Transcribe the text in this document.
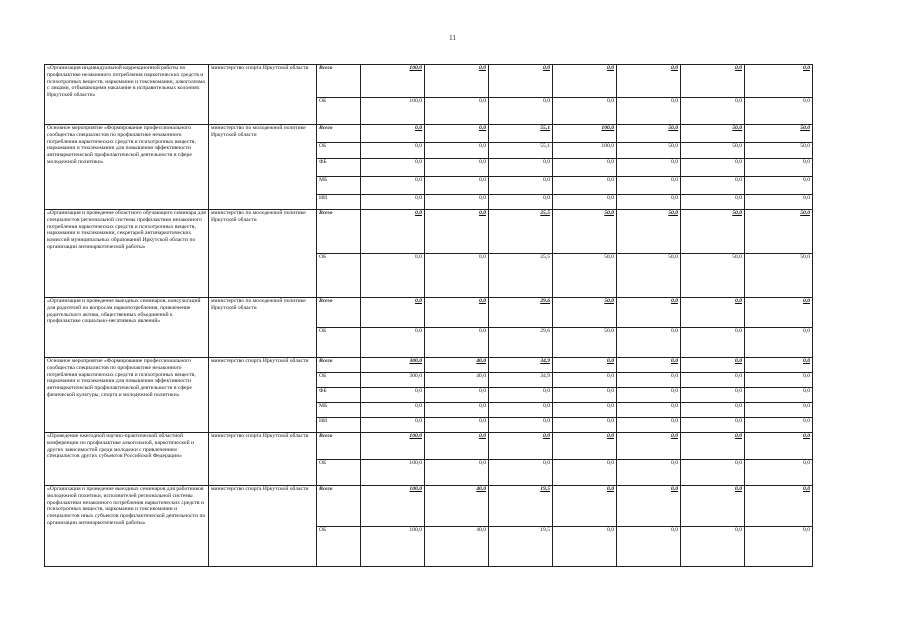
11
«Организация индивидуальной коррекционной работы по профилактике незаконного потребления наркотических средств и психотропных веществ, наркомании и токсикомании, алкоголизма с лицами, отбывающими наказание в исправительных колониях Иркутской области»	министерство спорта Иркутской области	Всего	100,0	0,0	0,0	0,0	0,0	0,0	0,0
		ОБ	100,0	0,0	0,0	0,0	0,0	0,0	0,0
Основное мероприятие «Формирование профессионального сообщества специалистов по профилактике незаконного потребления наркотических средств и психотропных веществ, наркомании и токсикомании для повышения эффективности антинаркотической профилактической деятельности в сфере молодежной политики»	министерство по молодежной политике Иркутской области	Всего	0,0	0,0	55,1	100,0	50,0	50,0	50,0
		ОБ	0,0	0,0	55,1	100,0	50,0	50,0	50,0
		ФБ	0,0	0,0	0,0	0,0	0,0	0,0	0,0
		МБ	0,0	0,0	0,0	0,0	0,0	0,0	0,0
		ИИ	0,0	0,0	0,0	0,0	0,0	0,0	0,0
«Организация и проведение областного обучающего семинара для специалистов региональной системы профилактики незаконного потребления наркотических средств и психотропных веществ, наркомании и токсикомании, секретарей антинаркотических комиссий муниципальных образований Иркутской области по организации антинаркотической работы»	министерство по молодежной политике Иркутской области	Всего	0,0	0,0	25,5	50,0	50,0	50,0	50,0
		ОБ	0,0	0,0	25,5	50,0	50,0	50,0	50,0
«Организация и проведение выездных семинаров, консультаций для родителей по вопросам наркопотребления, привлечение родительского актива, общественных объединений к профилактике социально-негативных явлений»	министерство по молодежной политике Иркутской области	Всего	0,0	0,0	29,6	50,0	0,0	0,0	0,0
		ОБ	0,0	0,0	29,6	50,0	0,0	0,0	0,0
Основное мероприятие «Формирование профессионального сообщества специалистов по профилактике незаконного потребления наркотических средств и психотропных веществ, наркомании и токсикомании для повышения эффективности антинаркотической профилактической деятельности в сфере физической культуры, спорта и молодежной политики»	министерство спорта Иркутской области	Всего	300,0	40,0	34,9	0,0	0,0	0,0	0,0
		ОБ	300,0	40,0	34,9	0,0	0,0	0,0	0,0
		ФБ	0,0	0,0	0,0	0,0	0,0	0,0	0,0
		МБ	0,0	0,0	0,0	0,0	0,0	0,0	0,0
		ИИ	0,0	0,0	0,0	0,0	0,0	0,0	0,0
«Проведение ежегодной научно-практической областной конференции по профилактике алкогольной, наркотической и других зависимостей среди молодежи с привлечением специалистов других субъектов Российской Федерации»	министерство спорта Иркутской области	Всего	100,0	0,0	0,0	0,0	0,0	0,0	0,0
		ОБ	100,0	0,0	0,0	0,0	0,0	0,0	0,0
«Организация и проведение выездных семинаров для работников молодежной политики, исполнителей региональной системы профилактики незаконного потребления наркотических средств и психотропных веществ, наркомании и токсикомании и специалистов иных субъектов профилактической деятельности по организации антинаркотической работы»	министерство спорта Иркутской области	Всего	100,0	40,0	19,5	0,0	0,0	0,0	0,0
		ОБ	100,0	40,0	19,5	0,0	0,0	0,0	0,0
